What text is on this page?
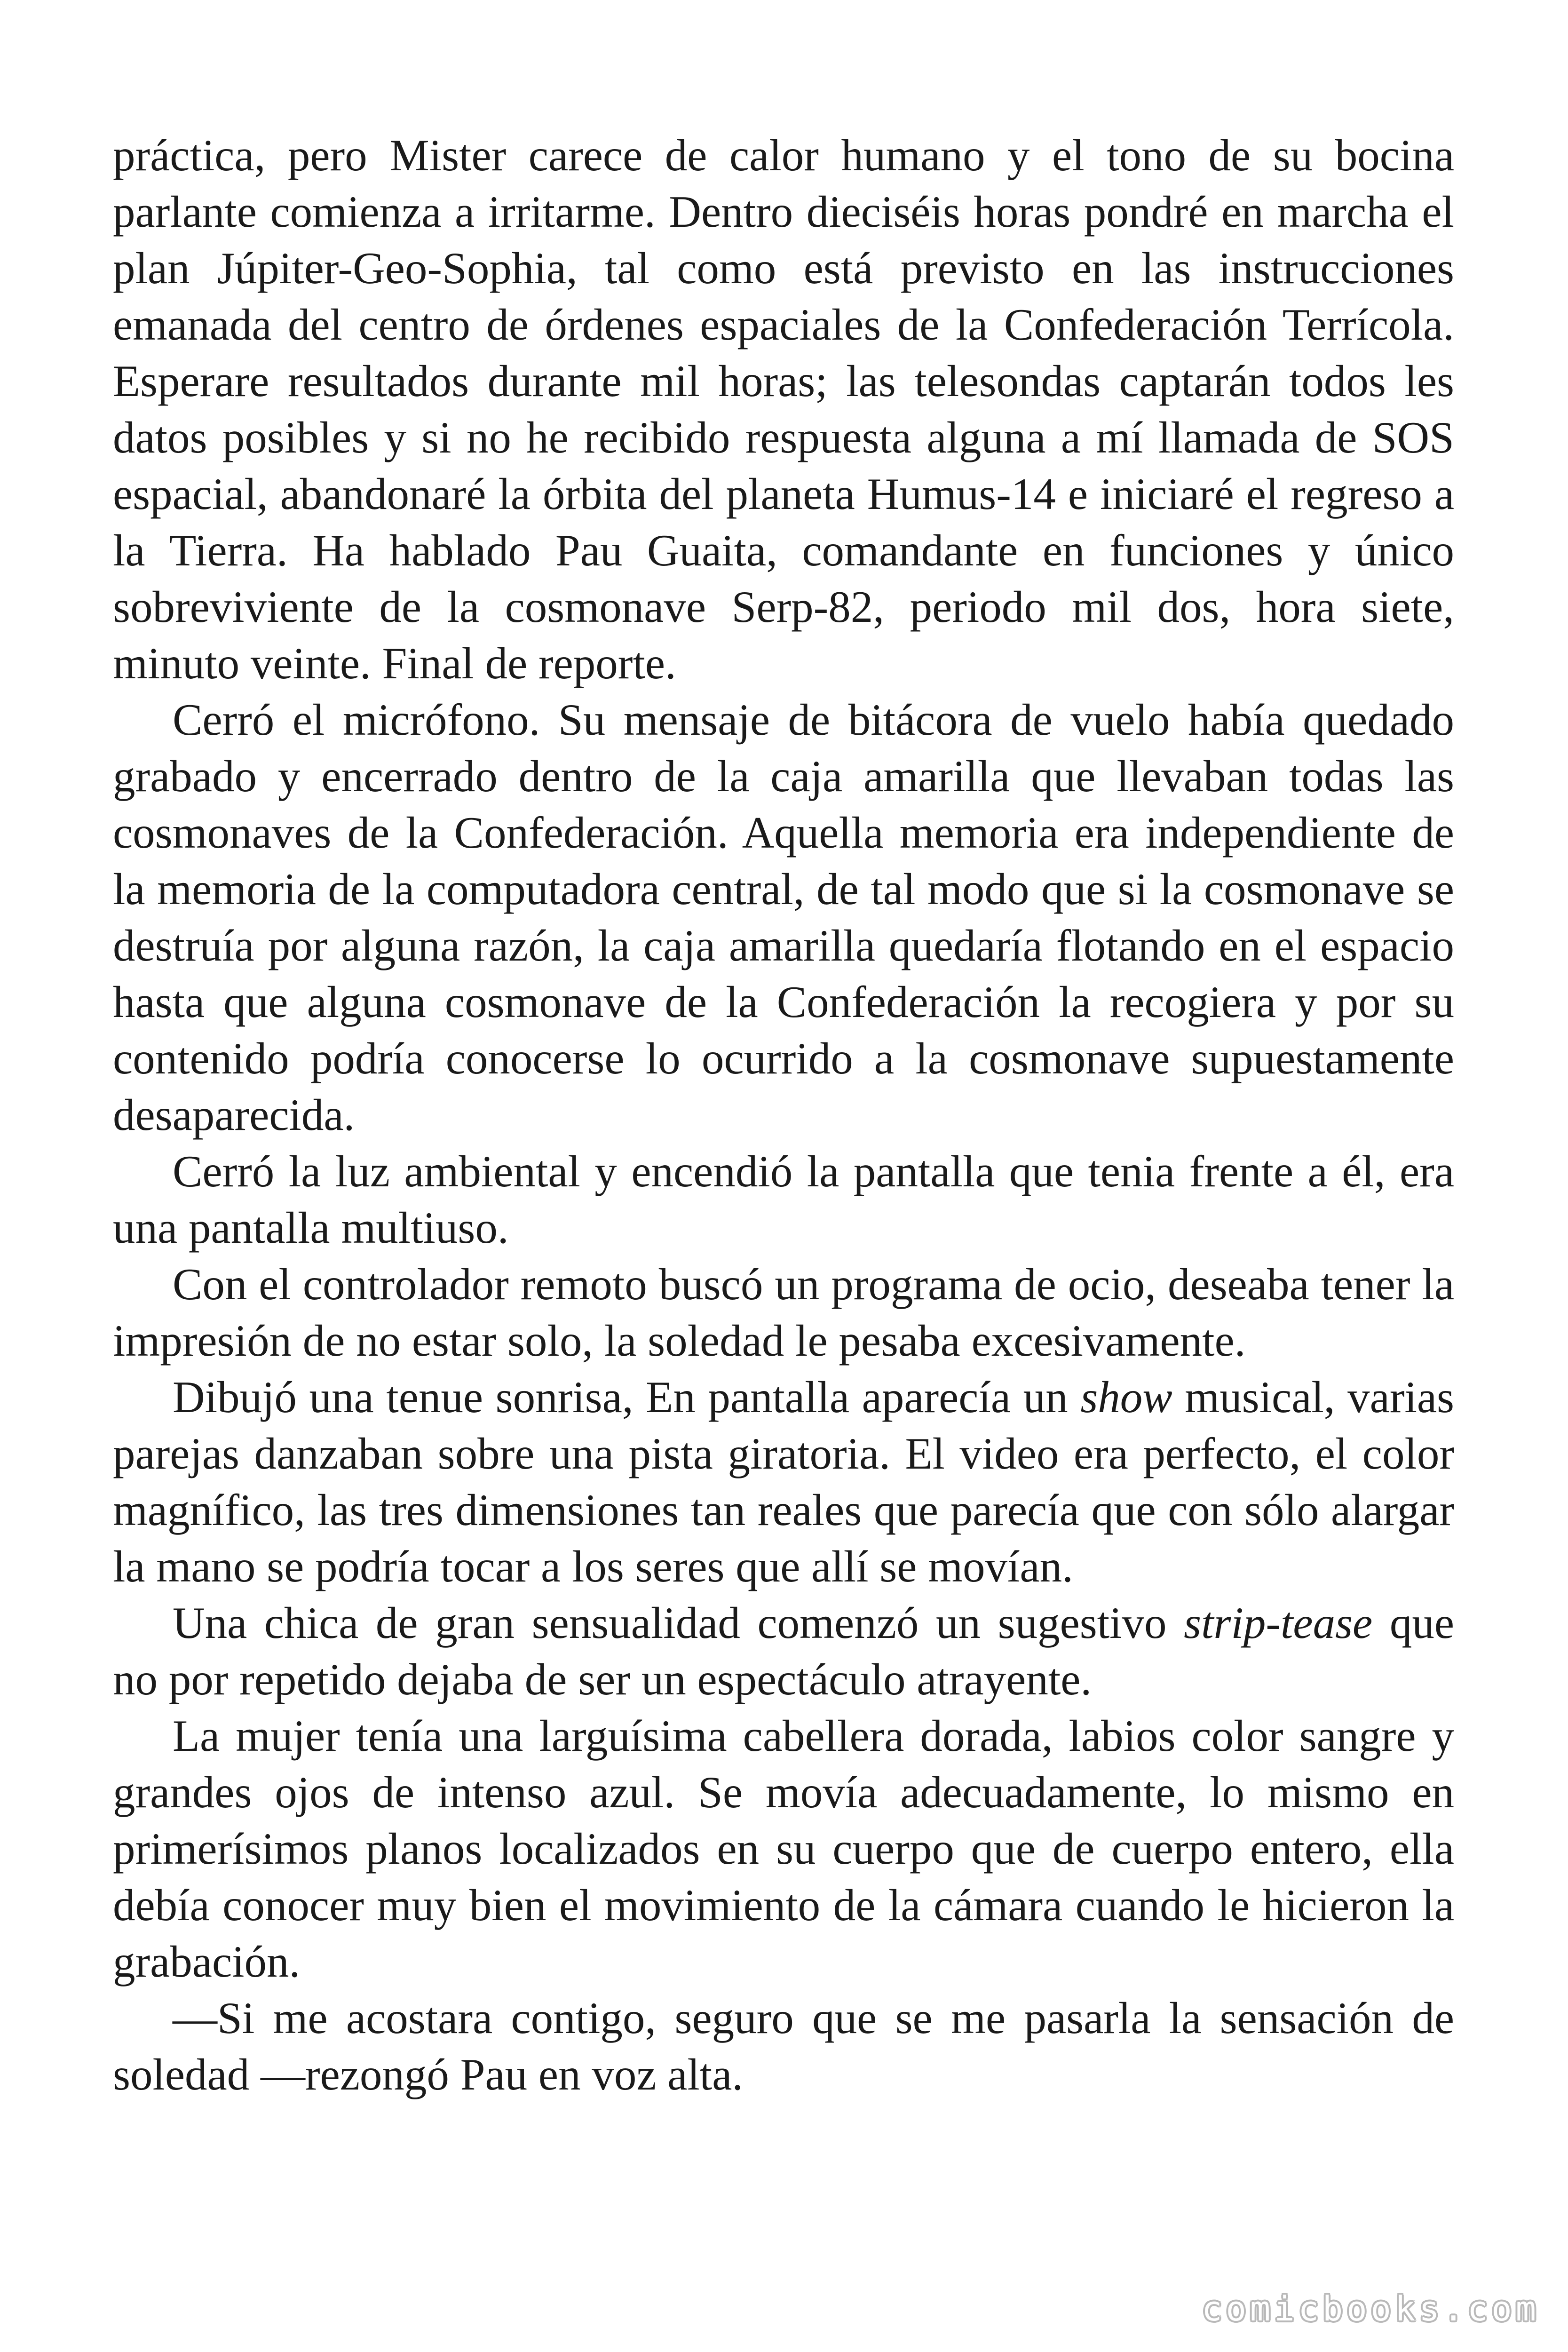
práctica, pero Mister carece de calor humano y el tono de su bocina parlante comienza a irritarme. Dentro dieciséis horas pondré en marcha el plan Júpiter-Geo-Sophia, tal como está previsto en las instrucciones emanada del centro de órdenes espaciales de la Confederación Terrícola. Esperare resultados durante mil horas; las telesondas captarán todos les datos posibles y si no he recibido respuesta alguna a mí llamada de SOS espacial, abandonaré la órbita del planeta Humus-14 e iniciaré el regreso a la Tierra. Ha hablado Pau Guaita, comandante en funciones y único sobreviviente de la cosmonave Serp-82, periodo mil dos, hora siete, minuto veinte. Final de reporte.

Cerró el micrófono. Su mensaje de bitácora de vuelo había quedado grabado y encerrado dentro de la caja amarilla que llevaban todas las cosmonaves de la Confederación. Aquella memoria era independiente de la memoria de la computadora central, de tal modo que si la cosmonave se destruía por alguna razón, la caja amarilla quedaría flotando en el espacio hasta que alguna cosmonave de la Confederación la recogiera y por su contenido podría conocerse lo ocurrido a la cosmonave supuestamente desaparecida.

Cerró la luz ambiental y encendió la pantalla que tenia frente a él, era una pantalla multiuso.

Con el controlador remoto buscó un programa de ocio, deseaba tener la impresión de no estar solo, la soledad le pesaba excesivamente.

Dibujó una tenue sonrisa, En pantalla aparecía un show musical, varias parejas danzaban sobre una pista giratoria. El video era perfecto, el color magnífico, las tres dimensiones tan reales que parecía que con sólo alargar la mano se podría tocar a los seres que allí se movían.

Una chica de gran sensualidad comenzó un sugestivo strip-tease que no por repetido dejaba de ser un espectáculo atrayente.

La mujer tenía una larguísima cabellera dorada, labios color sangre y grandes ojos de intenso azul. Se movía adecuadamente, lo mismo en primerísimos planos localizados en su cuerpo que de cuerpo entero, ella debía conocer muy bien el movimiento de la cámara cuando le hicieron la grabación.

—Si me acostara contigo, seguro que se me pasarla la sensación de soledad —rezongó Pau en voz alta.

comicbooks.com
